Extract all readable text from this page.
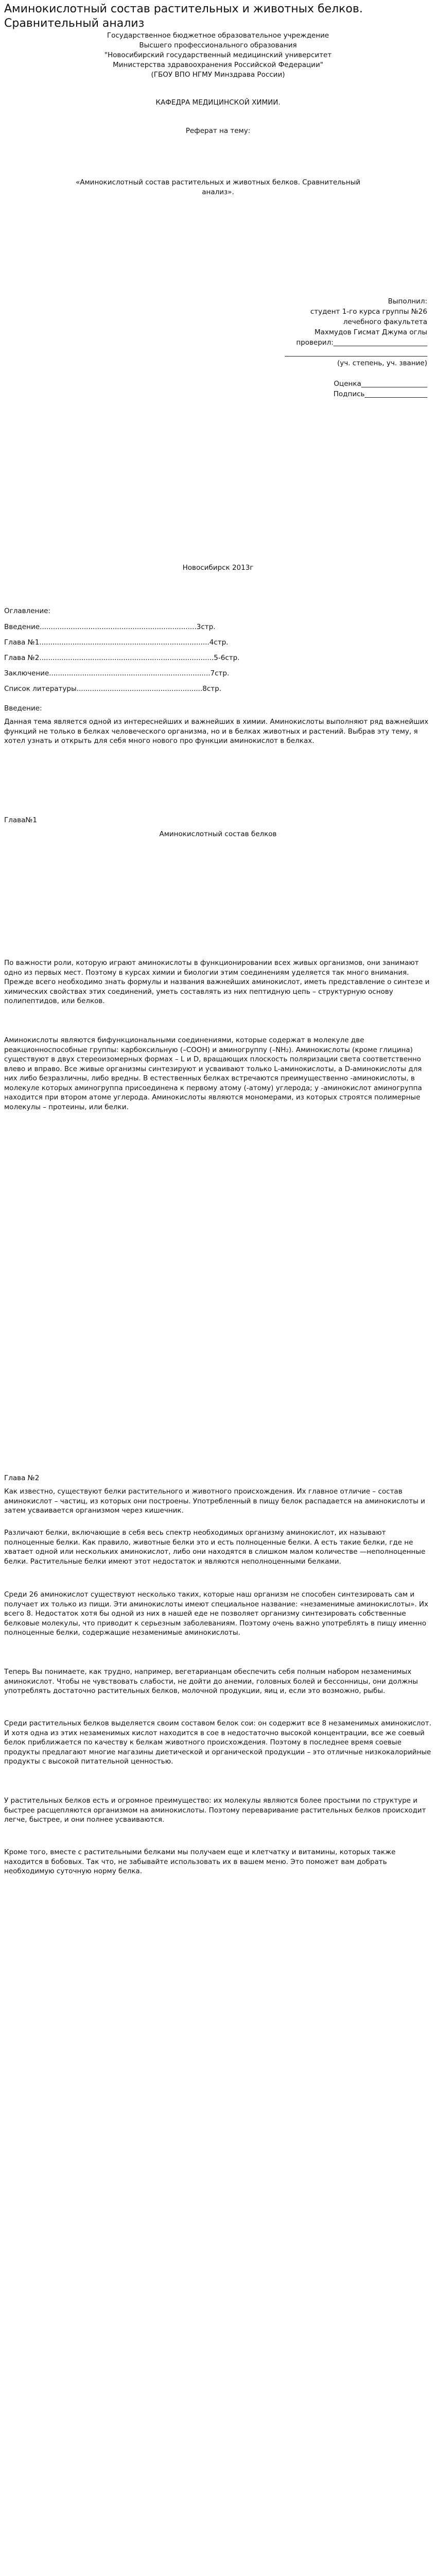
Аминокислотный состав растительных и животных белков. Сравнительный анализ
Государственное бюджетное образовательное учреждение
Высшего профессионального образования
"Новосибирский государственный медицинский университет
Министерства здравоохранения Российской Федерации"
(ГБОУ ВПО НГМУ Минздрава России)
КАФЕДРА МЕДИЦИНСКОЙ ХИМИИ.
Реферат на тему:
«Аминокислотный состав растительных и животных белков. Сравнительный
анализ».
Выполнил:
студент 1-го курса группы №26
лечебного факультета
Махмудов Гисмат Джума оглы
проверил:___________________________
_________________________________________
(уч. степень, уч. звание)

Оценка___________________
Подпись__________________
Новосибирск 2013г
Оглавление:
Введение.......................................................................3стр.
Глава №1.............................................................................4стр.
Глава №2...............................................................................5-6стр.
Заключение.........................................................................7стр.
Список литературы.........................................................8стр.
Введение:

Данная тема является одной из интереснейших и важнейших в химии. Аминокислоты выполняют ряд важнейших функций не только в белках человеческого организма, но и в белках животных и растений. Выбрав эту тему, я хотел узнать и открыть для себя много нового про функции аминокислот в белках.

Глава№1
Аминокислотный состав белков

По важности роли, которую играют аминокислоты в функционировании всех живых организмов, они занимают одно из первых мест. Поэтому в курсах химии и биологии этим соединениям уделяется так много внимания. Прежде всего необходимо знать формулы и названия важнейших аминокислот, иметь представление о синтезе и химических свойствах этих соединений, уметь составлять из них пептидную цепь – структурную основу полипептидов, или белков.

Аминокислоты являются бифункциональными соединениями, которые содержат в молекуле две реакционноспособные группы: карбоксильную (–COOH) и аминогруппу (–NH₂). Аминокислоты (кроме глицина) существуют в двух стереоизомерных формах – L и D, вращающих плоскость поляризации света соответственно влево и вправо. Все живые организмы синтезируют и усваивают только L-аминокислоты, а D-аминокислоты для них либо безразличны, либо вредны. В естественных белках встречаются преимущественно -аминокислоты, в молекуле которых аминогруппа присоединена к первому атому (-атому) углерода; у -аминокислот аминогруппа находится при втором атоме углерода. Аминокислоты являются мономерами, из которых строятся полимерные молекулы – протеины, или белки.

Глава №2

Как известно, существуют белки растительного и животного происхождения. Их главное отличие – состав аминокислот – частиц, из которых они построены. Употребленный в пищу белок распадается на аминокислоты и затем усваивается организмом через кишечник.

Различают белки, включающие в себя весь спектр необходимых организму аминокислот, их называют полноценные белки. Как правило, животные белки это и есть полноценные белки. А есть такие белки, где не хватает одной или нескольких аминокислот, либо они находятся в слишком малом количестве —неполноценные белки. Растительные белки имеют этот недостаток и являются неполноценными белками.

Среди 26 аминокислот существуют несколько таких, которые наш организм не способен синтезировать сам и получает их только из пищи. Эти аминокислоты имеют специальное название: «незаменимые аминокислоты». Их всего 8. Недостаток хотя бы одной из них в нашей еде не позволяет организму синтезировать собственные белковые молекулы, что приводит к серьезным заболеваниям. Поэтому очень важно употреблять в пищу именно полноценные белки, содержащие незаменимые аминокислоты.

Теперь Вы понимаете, как трудно, например, вегетарианцам обеспечить себя полным набором незаменимых аминокислот. Чтобы не чувствовать слабости, не дойти до анемии, головных болей и бессонницы, они должны употреблять достаточно растительных белков, молочной продукции, яиц и, если это возможно, рыбы.

Среди растительных белков выделяется своим составом белок сои: он содержит все 8 незаменимых аминокислот. И хотя одна из этих незаменимых кислот находится в сое в недостаточно высокой концентрации, все же соевый белок приближается по качеству к белкам животного происхождения. Поэтому в последнее время соевые продукты предлагают многие магазины диетической и органической продукции – это отличные низкокалорийные продукты с высокой питательной ценностью.

У растительных белков есть и огромное преимущество: их молекулы являются более простыми по структуре и быстрее расщепляются организмом на аминокислоты. Поэтому переваривание растительных белков происходит легче, быстрее, и они полнее усваиваются.

Кроме того, вместе с растительными белками мы получаем еще и клетчатку и витамины, которых также находится в бобовых. Так что, не забывайте использовать их в вашем меню. Это поможет вам добрать необходимую суточную норму белка.
